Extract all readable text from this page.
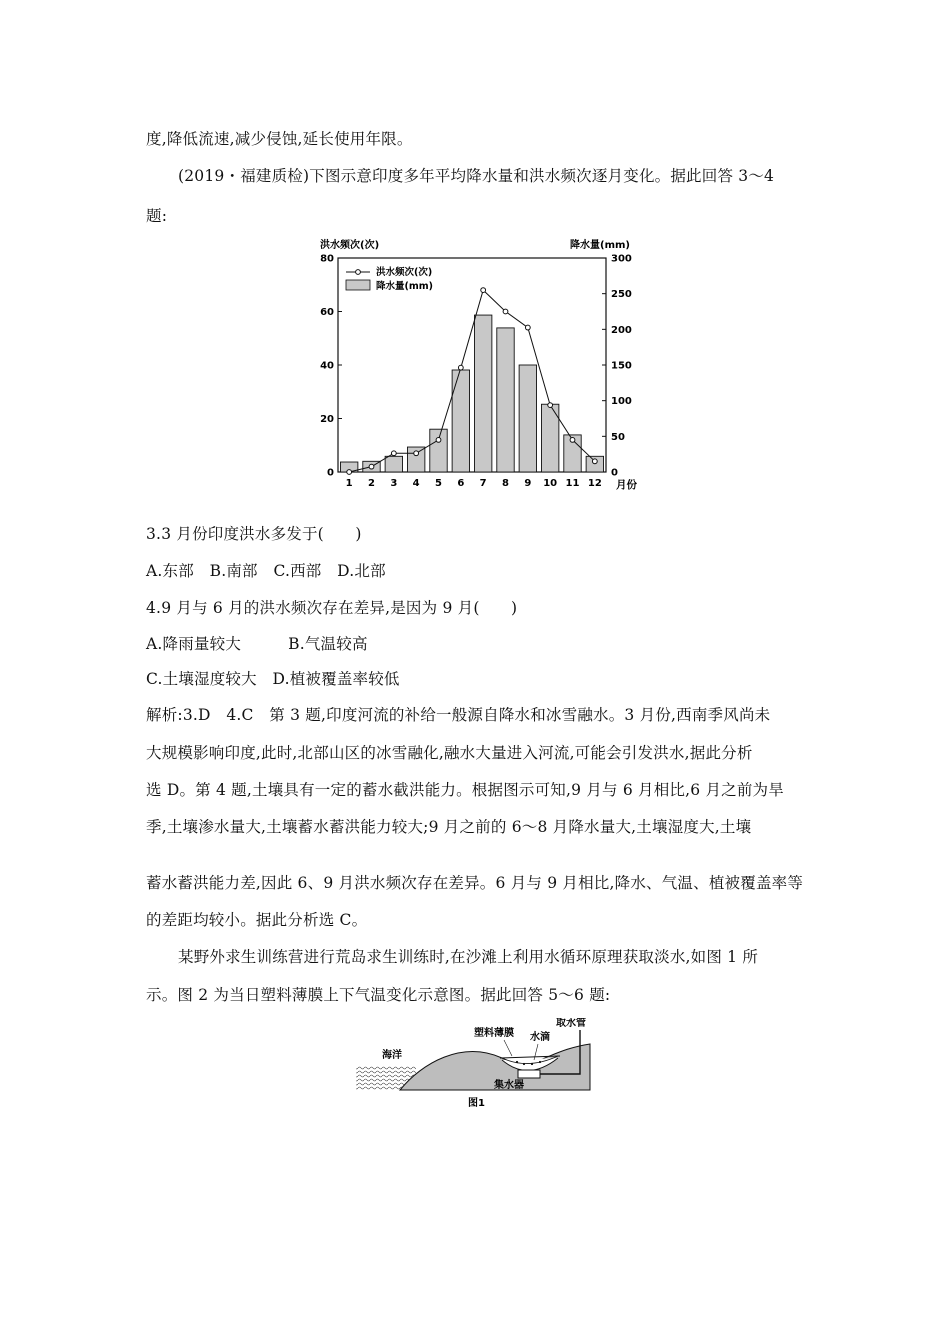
度,降低流速,减少侵蚀,延长使用年限。
(2019・福建质检)下图示意印度多年平均降水量和洪水频次逐月变化。据此回答 3～4
题:
洪水频次(次)	降水量(mm)
0
20
40
60
80
0
50
100
150
200
250
300
1 2 3 4 5 6 7 8 9 10 11 12
洪水频次(次)
降水量(mm)
月份
3.3 月份印度洪水多发于(　　)
A.东部　B.南部　C.西部　D.北部
4.9 月与 6 月的洪水频次存在差异,是因为 9 月(　　)
A.降雨量较大　　　B.气温较高
C.土壤湿度较大　D.植被覆盖率较低
解析:3.D　4.C　第 3 题,印度河流的补给一般源自降水和冰雪融水。3 月份,西南季风尚未
大规模影响印度,此时,北部山区的冰雪融化,融水大量进入河流,可能会引发洪水,据此分析
选 D。第 4 题,土壤具有一定的蓄水截洪能力。根据图示可知,9 月与 6 月相比,6 月之前为旱
季,土壤渗水量大,土壤蓄水蓄洪能力较大;9 月之前的 6～8 月降水量大,土壤湿度大,土壤
蓄水蓄洪能力差,因此 6、9 月洪水频次存在差异。6 月与 9 月相比,降水、气温、植被覆盖率等
的差距均较小。据此分析选 C。
某野外求生训练营进行荒岛求生训练时,在沙滩上利用水循环原理获取淡水,如图 1 所
示。图 2 为当日塑料薄膜上下气温变化示意图。据此回答 5～6 题:
海洋
塑料薄膜 水滴
取水管
集水器
图1
